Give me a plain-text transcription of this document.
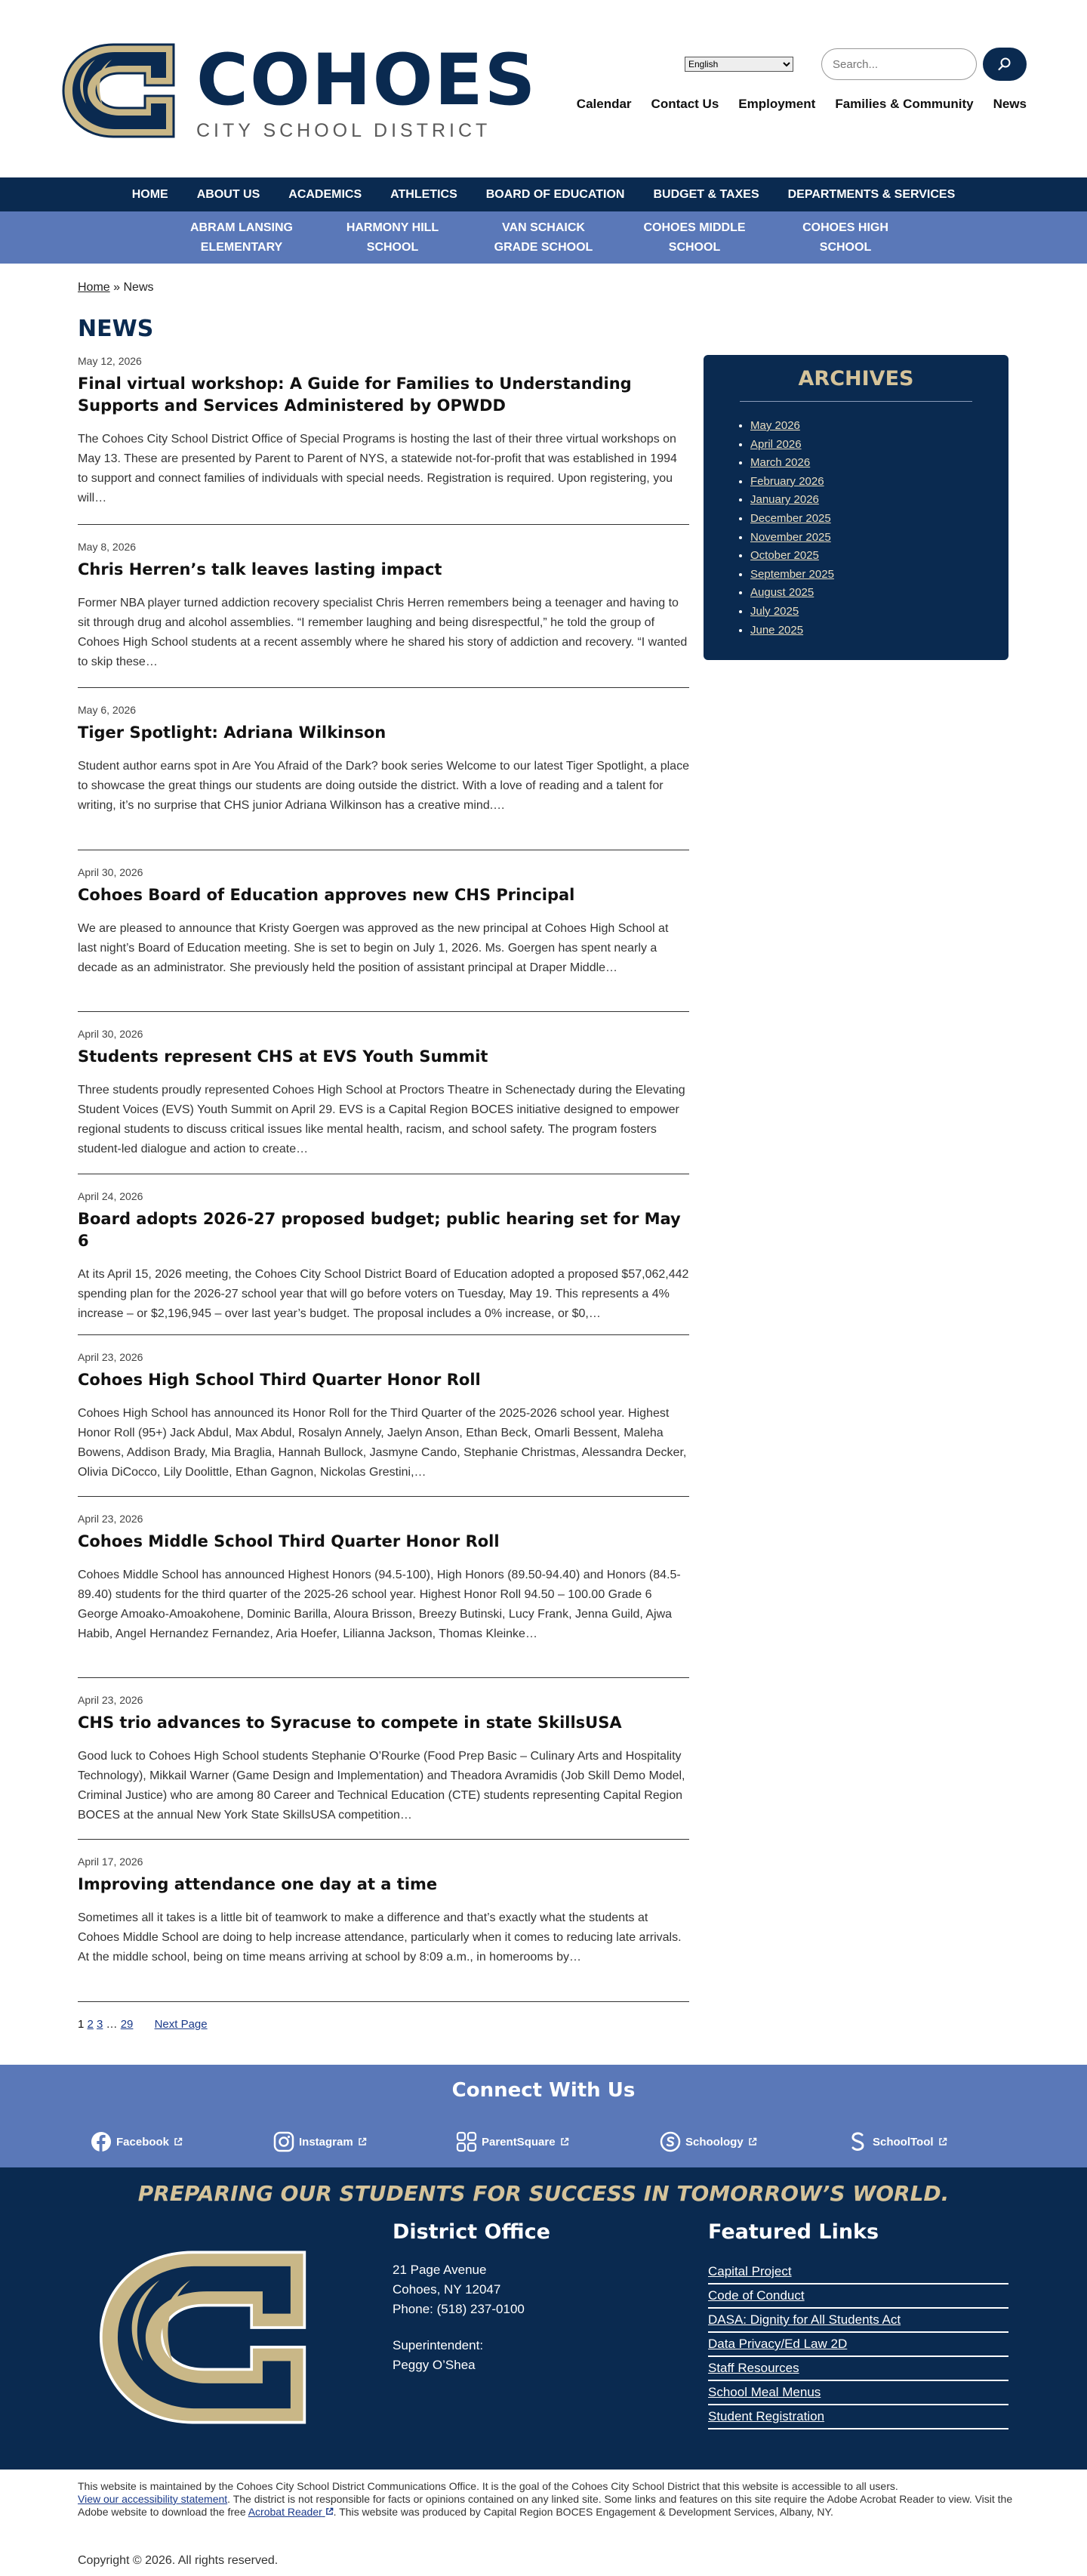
COHOES
CITY SCHOOL DISTRICT
English
Search...
Calendar Contact Us Employment Families & Community News
HOME	ABOUT US	ACADEMICS	ATHLETICS	BOARD OF EDUCATION	BUDGET & TAXES	DEPARTMENTS & SERVICES
ABRAM LANSING
ELEMENTARY
HARMONY HILL
SCHOOL
VAN SCHAICK
GRADE SCHOOL
COHOES MIDDLE
SCHOOL
COHOES HIGH
SCHOOL
Home » News
NEWS
May 12, 2026
Final virtual workshop: A Guide for Families to Understanding Supports and Services Administered by OPWDD

The Cohoes City School District Office of Special Programs is hosting the last of their three virtual workshops on May 13. These are presented by Parent to Parent of NYS, a statewide not-for-profit that was established in 1994 to support and connect families of individuals with special needs. Registration is required. Upon registering, you will…

May 8, 2026
Chris Herren’s talk leaves lasting impact

Former NBA player turned addiction recovery specialist Chris Herren remembers being a teenager and having to sit through drug and alcohol assemblies. “I remember laughing and being disrespectful,” he told the group of Cohoes High School students at a recent assembly where he shared his story of addiction and recovery. “I wanted to skip these…

May 6, 2026
Tiger Spotlight: Adriana Wilkinson

Student author earns spot in Are You Afraid of the Dark? book series Welcome to our latest Tiger Spotlight, a place to showcase the great things our students are doing outside the district. With a love of reading and a talent for writing, it’s no surprise that CHS junior Adriana Wilkinson has a creative mind.…

April 30, 2026
Cohoes Board of Education approves new CHS Principal

We are pleased to announce that Kristy Goergen was approved as the new principal at Cohoes High School at last night’s Board of Education meeting. She is set to begin on July 1, 2026. Ms. Goergen has spent nearly a decade as an administrator. She previously held the position of assistant principal at Draper Middle…

April 30, 2026
Students represent CHS at EVS Youth Summit

Three students proudly represented Cohoes High School at Proctors Theatre in Schenectady during the Elevating Student Voices (EVS) Youth Summit on April 29. EVS is a Capital Region BOCES initiative designed to empower regional students to discuss critical issues like mental health, racism, and school safety. The program fosters student-led dialogue and action to create…

April 24, 2026
Board adopts 2026-27 proposed budget; public hearing set for May 6

At its April 15, 2026 meeting, the Cohoes City School District Board of Education adopted a proposed $57,062,442 spending plan for the 2026-27 school year that will go before voters on Tuesday, May 19. This represents a 4% increase – or $2,196,945 – over last year’s budget. The proposal includes a 0% increase, or $0,…

April 23, 2026
Cohoes High School Third Quarter Honor Roll

Cohoes High School has announced its Honor Roll for the Third Quarter of the 2025-2026 school year. Highest Honor Roll (95+) Jack Abdul, Max Abdul, Rosalyn Annely, Jaelyn Anson, Ethan Beck, Omarli Bessent, Maleha Bowens, Addison Brady, Mia Braglia, Hannah Bullock, Jasmyne Cando, Stephanie Christmas, Alessandra Decker, Olivia DiCocco, Lily Doolittle, Ethan Gagnon, Nickolas Grestini,…

April 23, 2026
Cohoes Middle School Third Quarter Honor Roll

Cohoes Middle School has announced Highest Honors (94.5-100), High Honors (89.50-94.40) and Honors (84.5-89.40) students for the third quarter of the 2025-26 school year. Highest Honor Roll 94.50 – 100.00 Grade 6 George Amoako-Amoakohene, Dominic Barilla, Aloura Brisson, Breezy Butinski, Lucy Frank, Jenna Guild, Ajwa Habib, Angel Hernandez Fernandez, Aria Hoefer, Lilianna Jackson, Thomas Kleinke…

April 23, 2026
CHS trio advances to Syracuse to compete in state SkillsUSA

Good luck to Cohoes High School students Stephanie O’Rourke (Food Prep Basic – Culinary Arts and Hospitality Technology), Mikkail Warner (Game Design and Implementation) and Theadora Avramidis (Job Skill Demo Model, Criminal Justice) who are among 80 Career and Technical Education (CTE) students representing Capital Region BOCES at the annual New York State SkillsUSA competition…

April 17, 2026
Improving attendance one day at a time

Sometimes all it takes is a little bit of teamwork to make a difference and that’s exactly what the students at Cohoes Middle School are doing to help increase attendance, particularly when it comes to reducing late arrivals. At the middle school, being on time means arriving at school by 8:09 a.m., in homerooms by…

1 2 3 … 29 Next Page
ARCHIVES
• May 2026
• April 2026
• March 2026
• February 2026
• January 2026
• December 2025
• November 2025
• October 2025
• September 2025
• August 2025
• July 2025
• June 2025
Connect With Us
Facebook	Instagram	ParentSquare	Schoology	SchoolTool
PREPARING OUR STUDENTS FOR SUCCESS IN TOMORROW’S WORLD.
District Office

21 Page Avenue

Cohoes, NY 12047

Phone: (518) 237-0100

Superintendent:

Peggy O’Shea

Featured Links
Capital Project
Code of Conduct
DASA: Dignity for All Students Act
Data Privacy/Ed Law 2D
Staff Resources
School Meal Menus
Student Registration
This website is maintained by the Cohoes City School District Communications Office. It is the goal of the Cohoes City School District that this website is accessible to all users.
View our accessibility statement. The district is not responsible for facts or opinions contained on any linked site. Some links and features on this site require the Adobe Acrobat Reader to view. Visit the Adobe website to download the free Acrobat Reader . This website was produced by Capital Region BOCES Engagement & Development Services, Albany, NY.
Copyright © 2026. All rights reserved.
